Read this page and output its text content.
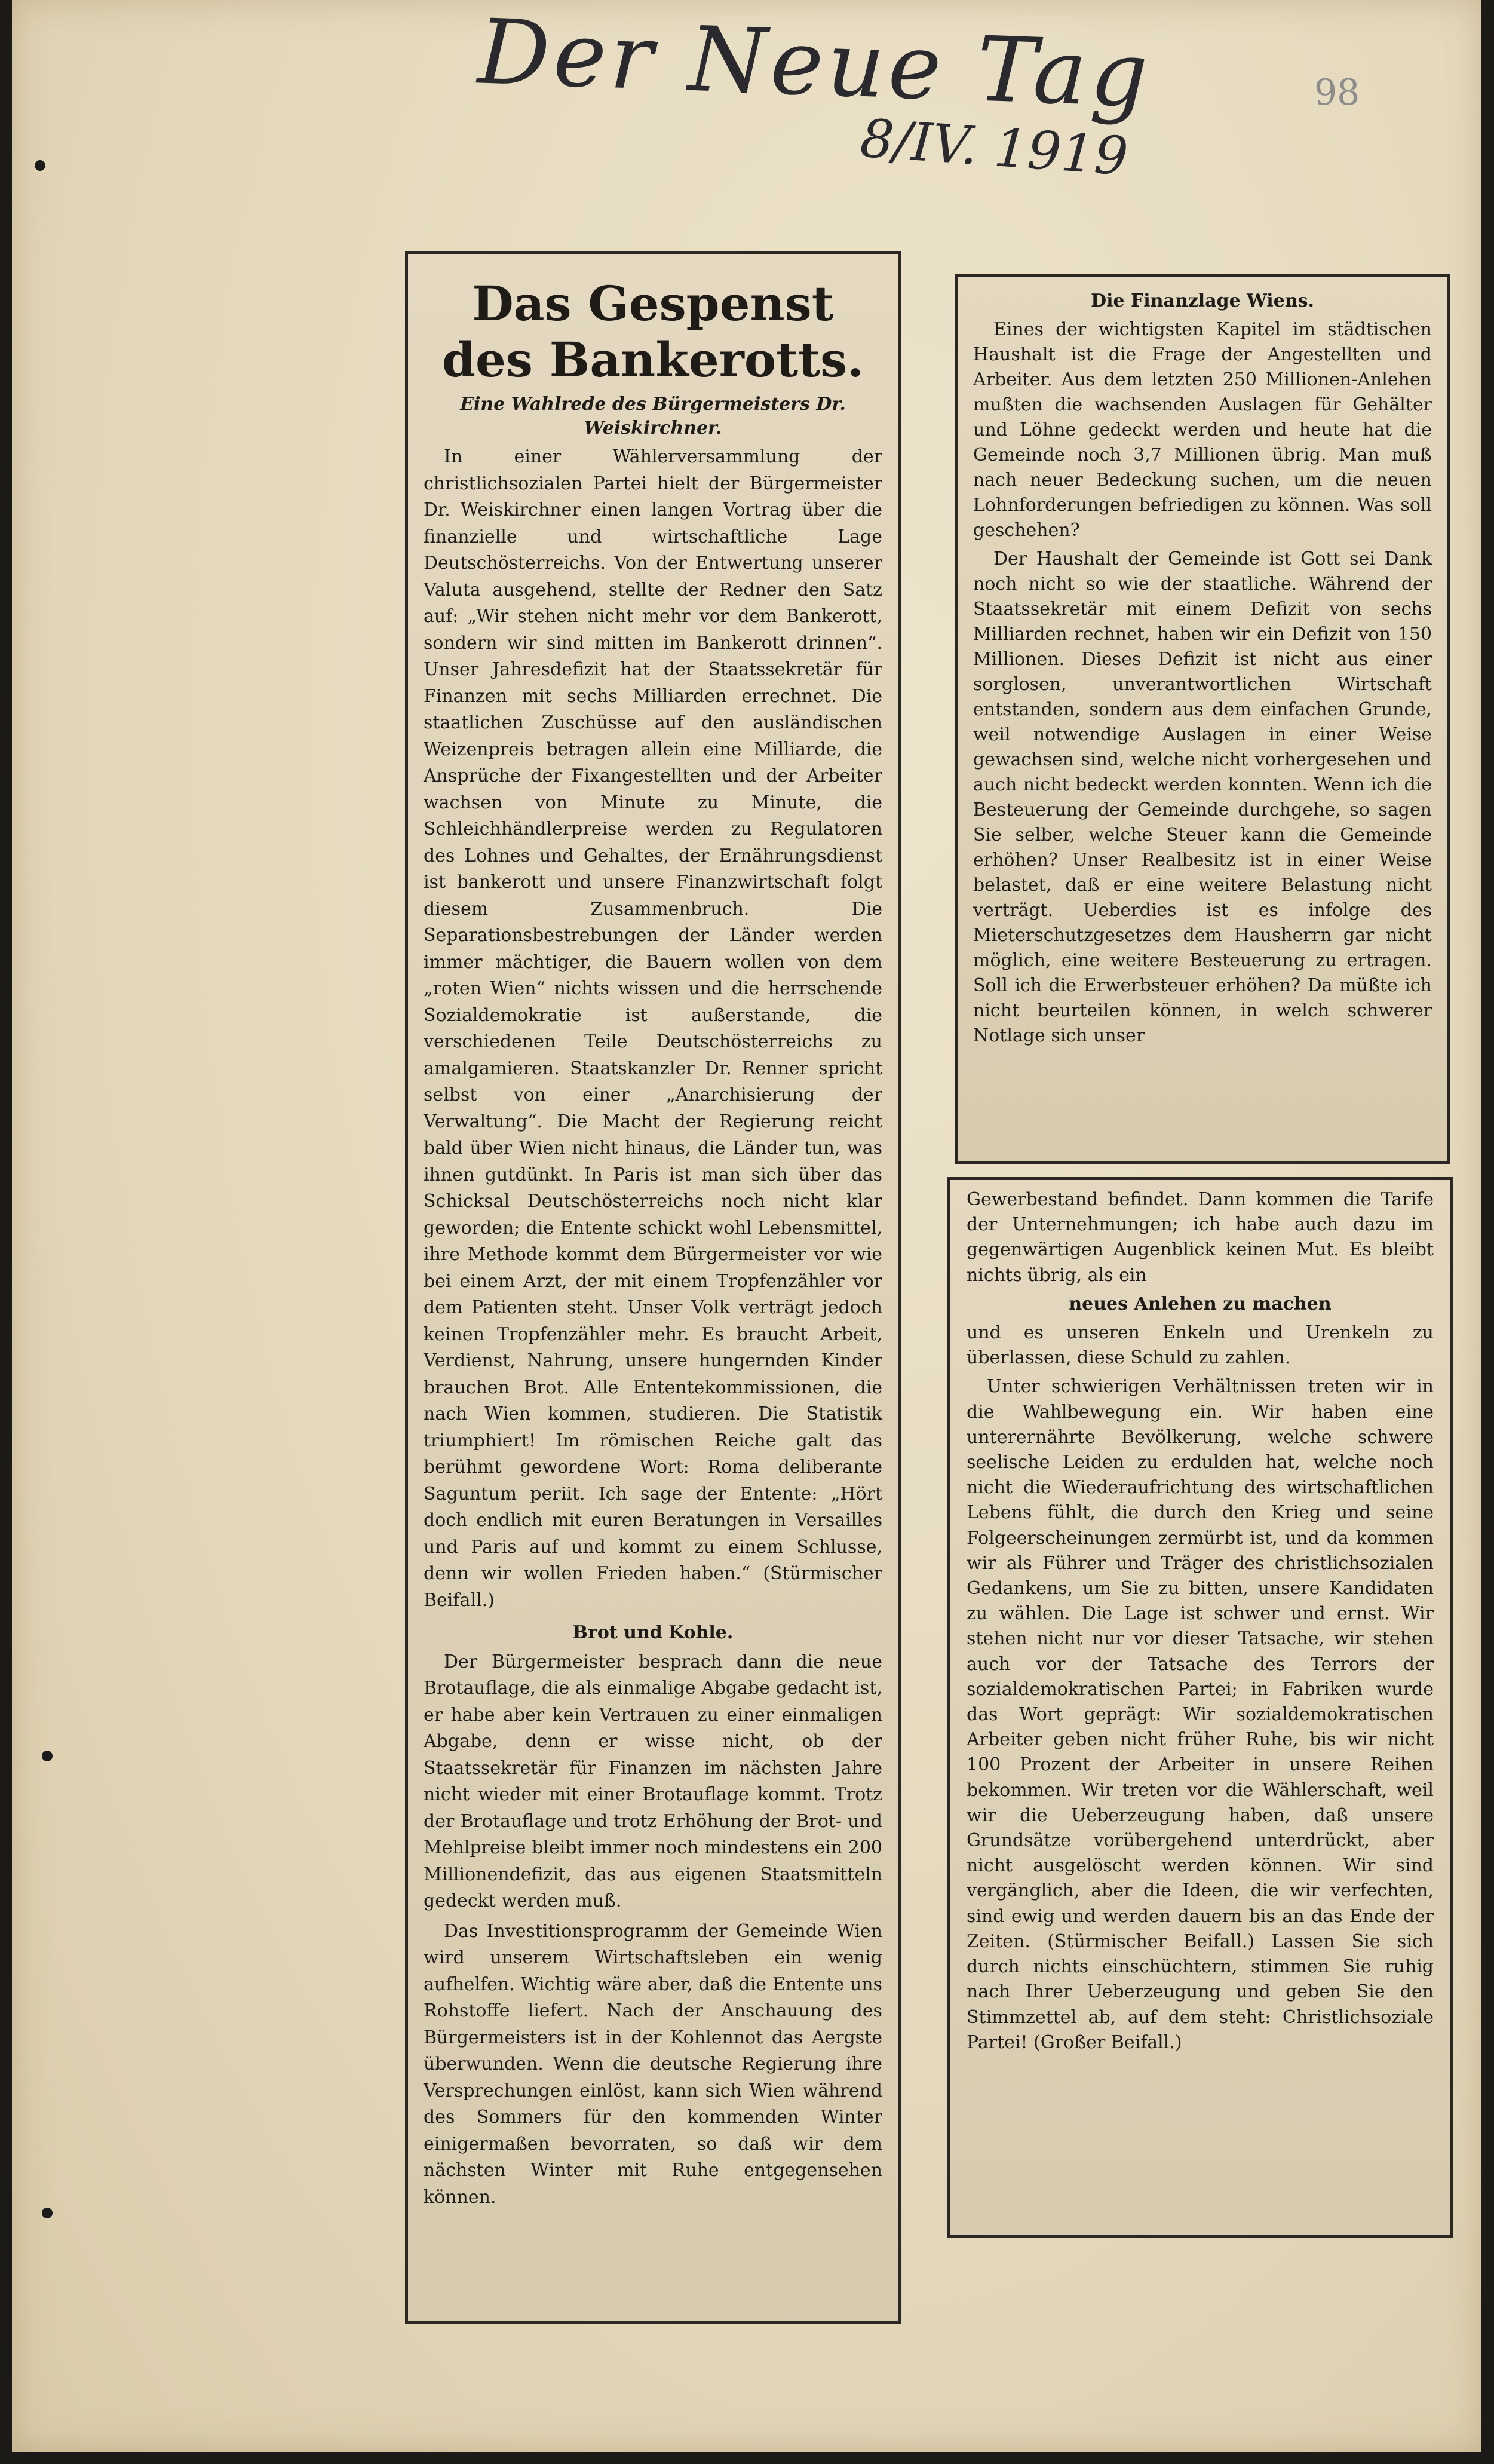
Der Neue Tag
8/IV. 1919
98
Das Gespenst des Bankerotts.
Eine Wahlrede des Bürgermeisters Dr. Weiskirchner.

In einer Wählerversammlung der christlichsozialen Partei hielt der Bürgermeister Dr. Weiskirchner einen langen Vortrag über die finanzielle und wirtschaftliche Lage Deutschösterreichs. Von der Entwertung unserer Valuta ausgehend, stellte der Redner den Satz auf: „Wir stehen nicht mehr vor dem Bankerott, sondern wir sind mitten im Bankerott drinnen“. Unser Jahresdefizit hat der Staatssekretär für Finanzen mit sechs Milliarden errechnet. Die staatlichen Zuschüsse auf den ausländischen Weizenpreis betragen allein eine Milliarde, die Ansprüche der Fixangestellten und der Arbeiter wachsen von Minute zu Minute, die Schleichhändlerpreise werden zu Regulatoren des Lohnes und Gehaltes, der Ernährungsdienst ist bankerott und unsere Finanzwirtschaft folgt diesem Zusammenbruch. Die Separationsbestrebungen der Länder werden immer mächtiger, die Bauern wollen von dem „roten Wien“ nichts wissen und die herrschende Sozialdemokratie ist außerstande, die verschiedenen Teile Deutschösterreichs zu amalgamieren. Staatskanzler Dr. Renner spricht selbst von einer „Anarchisierung der Verwaltung“. Die Macht der Regierung reicht bald über Wien nicht hinaus, die Länder tun, was ihnen gutdünkt. In Paris ist man sich über das Schicksal Deutschösterreichs noch nicht klar geworden; die Entente schickt wohl Lebensmittel, ihre Methode kommt dem Bürgermeister vor wie bei einem Arzt, der mit einem Tropfenzähler vor dem Patienten steht. Unser Volk verträgt jedoch keinen Tropfenzähler mehr. Es braucht Arbeit, Verdienst, Nahrung, unsere hungernden Kinder brauchen Brot. Alle Ententekommissionen, die nach Wien kommen, studieren. Die Statistik triumphiert! Im römischen Reiche galt das berühmt gewordene Wort: Roma deliberante Saguntum periit. Ich sage der Entente: „Hört doch endlich mit euren Beratungen in Versailles und Paris auf und kommt zu einem Schlusse, denn wir wollen Frieden haben.“ (Stürmischer Beifall.)

Brot und Kohle.

Der Bürgermeister besprach dann die neue Brotauflage, die als einmalige Abgabe gedacht ist, er habe aber kein Vertrauen zu einer einmaligen Abgabe, denn er wisse nicht, ob der Staatssekretär für Finanzen im nächsten Jahre nicht wieder mit einer Brotauflage kommt. Trotz der Brotauflage und trotz Erhöhung der Brot- und Mehlpreise bleibt immer noch mindestens ein 200 Millionendefizit, das aus eigenen Staatsmitteln gedeckt werden muß.

Das Investitionsprogramm der Gemeinde Wien wird unserem Wirtschaftsleben ein wenig aufhelfen. Wichtig wäre aber, daß die Entente uns Rohstoffe liefert. Nach der Anschauung des Bürgermeisters ist in der Kohlennot das Aergste überwunden. Wenn die deutsche Regierung ihre Versprechungen einlöst, kann sich Wien während des Sommers für den kommenden Winter einigermaßen bevorraten, so daß wir dem nächsten Winter mit Ruhe entgegensehen können.

Die Finanzlage Wiens.

Eines der wichtigsten Kapitel im städtischen Haushalt ist die Frage der Angestellten und Arbeiter. Aus dem letzten 250 Millionen-Anlehen mußten die wachsenden Auslagen für Gehälter und Löhne gedeckt werden und heute hat die Gemeinde noch 3,7 Millionen übrig. Man muß nach neuer Bedeckung suchen, um die neuen Lohnforderungen befriedigen zu können. Was soll geschehen?

Der Haushalt der Gemeinde ist Gott sei Dank noch nicht so wie der staatliche. Während der Staatssekretär mit einem Defizit von sechs Milliarden rechnet, haben wir ein Defizit von 150 Millionen. Dieses Defizit ist nicht aus einer sorglosen, unverantwortlichen Wirtschaft entstanden, sondern aus dem einfachen Grunde, weil notwendige Auslagen in einer Weise gewachsen sind, welche nicht vorhergesehen und auch nicht bedeckt werden konnten. Wenn ich die Besteuerung der Gemeinde durchgehe, so sagen Sie selber, welche Steuer kann die Gemeinde erhöhen? Unser Realbesitz ist in einer Weise belastet, daß er eine weitere Belastung nicht verträgt. Ueberdies ist es infolge des Mieterschutzgesetzes dem Hausherrn gar nicht möglich, eine weitere Besteuerung zu ertragen. Soll ich die Erwerbsteuer erhöhen? Da müßte ich nicht beurteilen können, in welch schwerer Notlage sich unser

Gewerbestand befindet. Dann kommen die Tarife der Unternehmungen; ich habe auch dazu im gegenwärtigen Augenblick keinen Mut. Es bleibt nichts übrig, als ein

neues Anlehen zu machen

und es unseren Enkeln und Urenkeln zu überlassen, diese Schuld zu zahlen.

Unter schwierigen Verhältnissen treten wir in die Wahlbewegung ein. Wir haben eine unterernährte Bevölkerung, welche schwere seelische Leiden zu erdulden hat, welche noch nicht die Wiederaufrichtung des wirtschaftlichen Lebens fühlt, die durch den Krieg und seine Folgeerscheinungen zermürbt ist, und da kommen wir als Führer und Träger des christlichsozialen Gedankens, um Sie zu bitten, unsere Kandidaten zu wählen. Die Lage ist schwer und ernst. Wir stehen nicht nur vor dieser Tatsache, wir stehen auch vor der Tatsache des Terrors der sozialdemokratischen Partei; in Fabriken wurde das Wort geprägt: Wir sozialdemokratischen Arbeiter geben nicht früher Ruhe, bis wir nicht 100 Prozent der Arbeiter in unsere Reihen bekommen. Wir treten vor die Wählerschaft, weil wir die Ueberzeugung haben, daß unsere Grundsätze vorübergehend unterdrückt, aber nicht ausgelöscht werden können. Wir sind vergänglich, aber die Ideen, die wir verfechten, sind ewig und werden dauern bis an das Ende der Zeiten. (Stürmischer Beifall.) Lassen Sie sich durch nichts einschüchtern, stimmen Sie ruhig nach Ihrer Ueberzeugung und geben Sie den Stimmzettel ab, auf dem steht: Christlichsoziale Partei! (Großer Beifall.)
